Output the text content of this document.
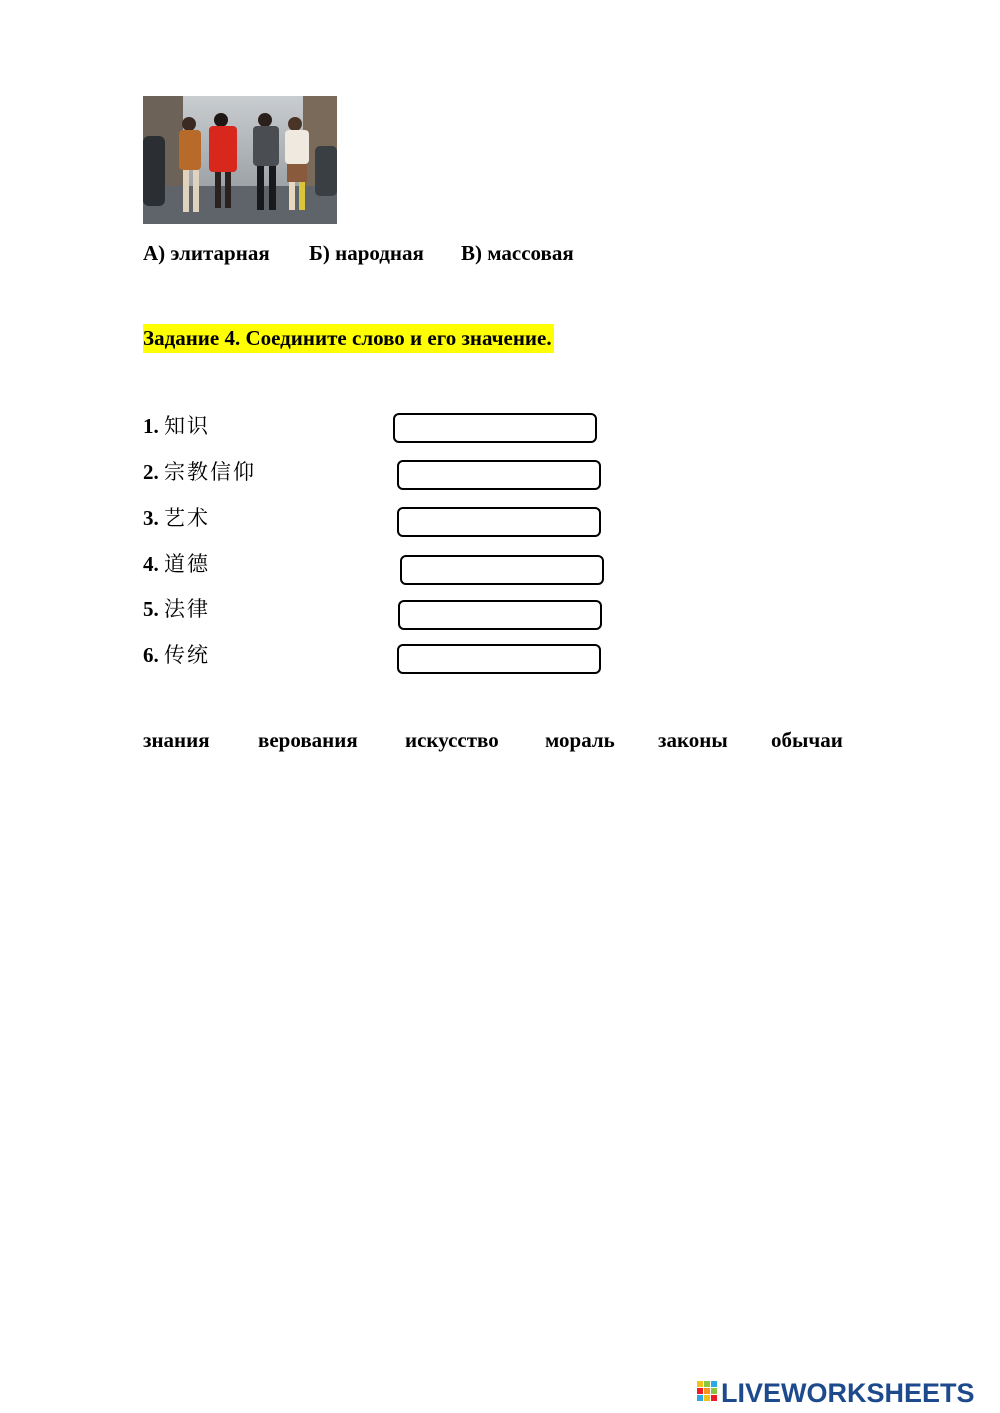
А) элитарная Б) народная В) массовая
Задание 4. Соедините слово и его значение.
1. 知识
2. 宗教信仰
3. 艺术
4. 道德
5. 法律
6. 传统
знания верования искусство мораль законы обычаи
LIVEWORKSHEETS
